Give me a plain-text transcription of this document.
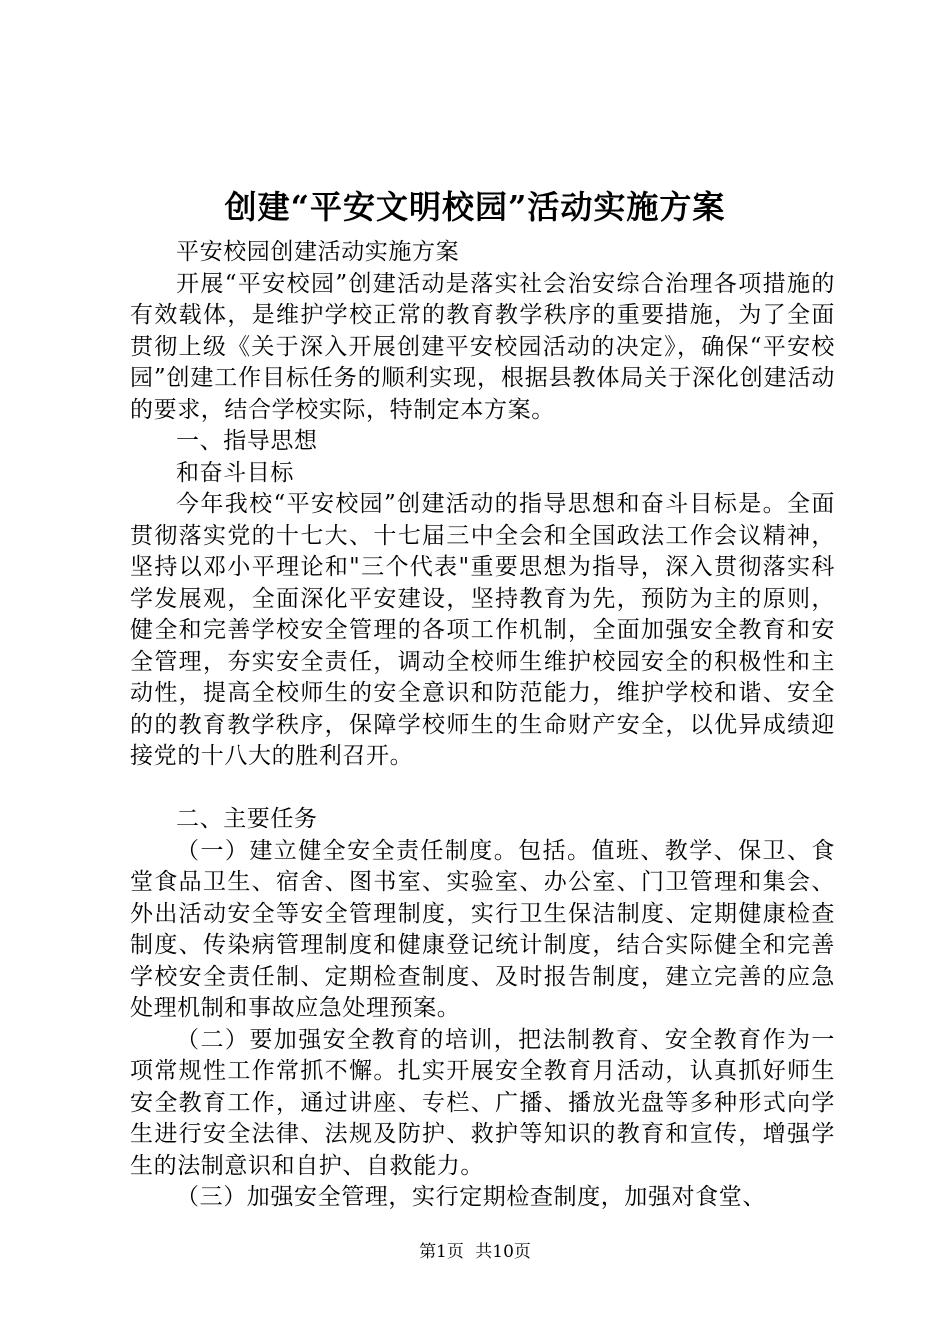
创建“平安文明校园”活动实施方案

平安校园创建活动实施方案

开展“平安校园”创建活动是落实社会治安综合治理各项措施的有效载体，是维护学校正常的教育教学秩序的重要措施，为了全面贯彻上级《关于深入开展创建平安校园活动的决定》，确保“平安校园”创建工作目标任务的顺利实现，根据县教体局关于深化创建活动的要求，结合学校实际，特制定本方案。

一、指导思想

和奋斗目标

今年我校“平安校园”创建活动的指导思想和奋斗目标是。全面贯彻落实党的十七大、十七届三中全会和全国政法工作会议精神，坚持以邓小平理论和"三个代表"重要思想为指导，深入贯彻落实科学发展观，全面深化平安建设，坚持教育为先，预防为主的原则，健全和完善学校安全管理的各项工作机制，全面加强安全教育和安全管理，夯实安全责任，调动全校师生维护校园安全的积极性和主动性，提高全校师生的安全意识和防范能力，维护学校和谐、安全的的教育教学秩序，保障学校师生的生命财产安全，以优异成绩迎接党的十八大的胜利召开。

二、主要任务

（一）建立健全安全责任制度。包括。值班、教学、保卫、食堂食品卫生、宿舍、图书室、实验室、办公室、门卫管理和集会、外出活动安全等安全管理制度，实行卫生保洁制度、定期健康检查制度、传染病管理制度和健康登记统计制度，结合实际健全和完善学校安全责任制、定期检查制度、及时报告制度，建立完善的应急处理机制和事故应急处理预案。

（二）要加强安全教育的培训，把法制教育、安全教育作为一项常规性工作常抓不懈。扎实开展安全教育月活动，认真抓好师生安全教育工作，通过讲座、专栏、广播、播放光盘等多种形式向学生进行安全法律、法规及防护、救护等知识的教育和宣传，增强学生的法制意识和自护、自救能力。

（三）加强安全管理，实行定期检查制度，加强对食堂、

第1页 共10页
